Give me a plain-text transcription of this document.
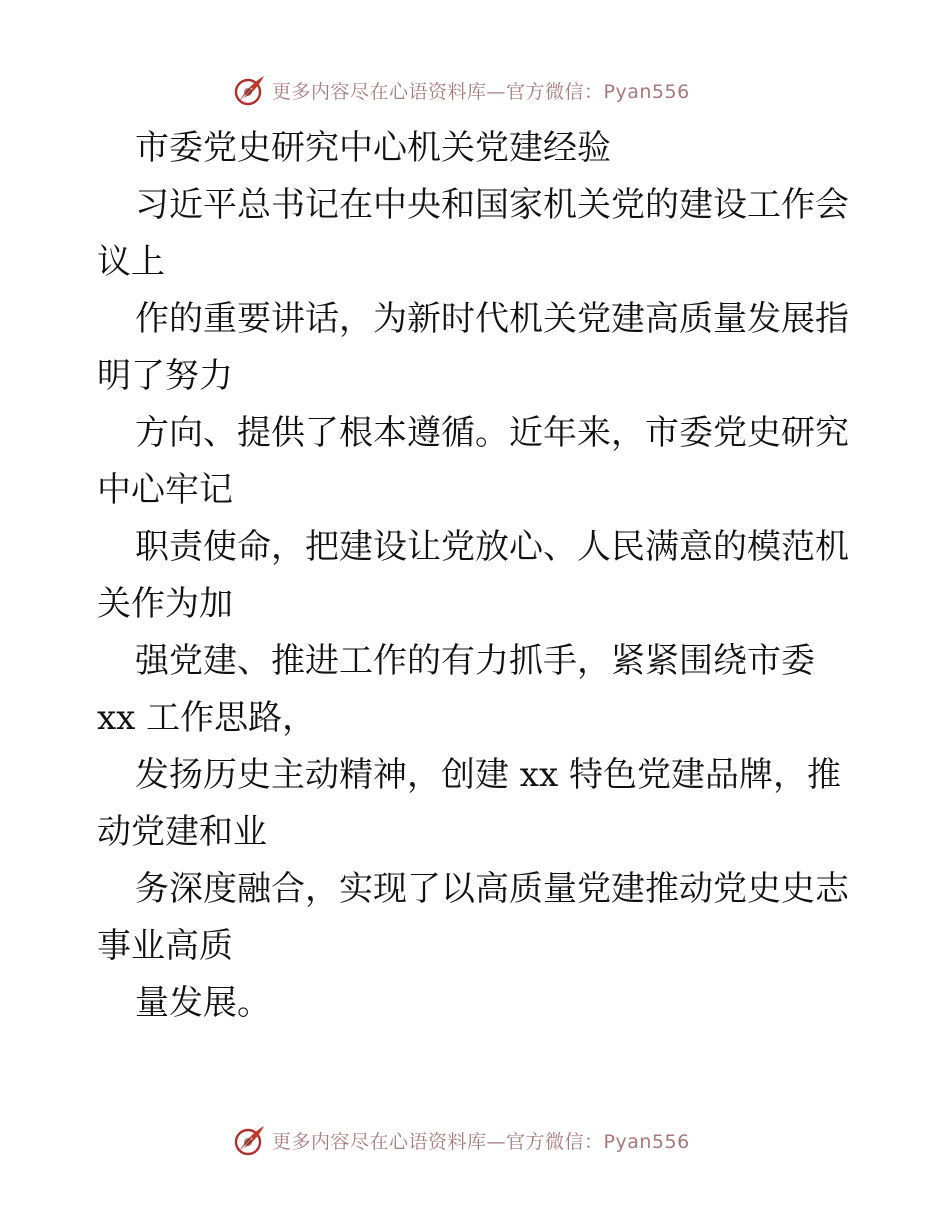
更多内容尽在心语资料库—官方微信：Pyan556
市委党史研究中心机关党建经验
习近平总书记在中央和国家机关党的建设工作会
议上
作的重要讲话，为新时代机关党建高质量发展指
明了努力
方向、提供了根本遵循。近年来，市委党史研究
中心牢记
职责使命，把建设让党放心、人民满意的模范机
关作为加
强党建、推进工作的有力抓手，紧紧围绕市委
xx 工作思路，
发扬历史主动精神，创建 xx 特色党建品牌，推
动党建和业
务深度融合，实现了以高质量党建推动党史史志
事业高质
量发展。
更多内容尽在心语资料库—官方微信：Pyan556
